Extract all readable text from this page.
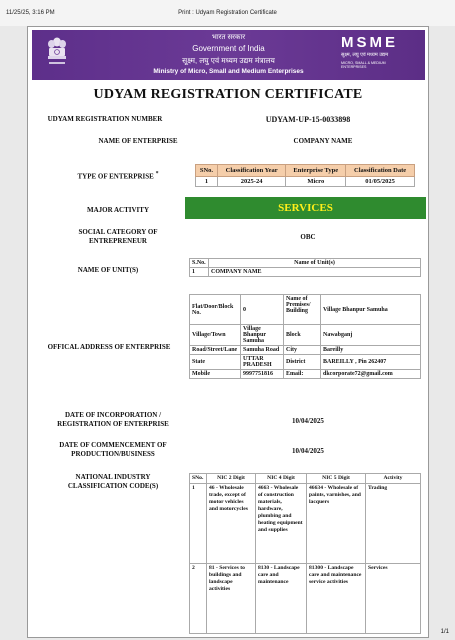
11/25/25, 3:16 PM	Print : Udyam Registration Certificate
भारत सरकार
Government of India
सूक्ष्म, लघु एवं मध्यम उद्यम मंत्रालय
Ministry of Micro, Small and Medium Enterprises
MSME
सूक्ष्म, लघु एवं मध्यम उद्यम
MICRO, SMALL & MEDIUM ENTERPRISES
UDYAM REGISTRATION CERTIFICATE
UDYAM REGISTRATION NUMBER	UDYAM-UP-15-0033898
NAME OF ENTERPRISE	COMPANY NAME
TYPE OF ENTERPRISE *	SNo.	Classification Year	Enterprise Type	Classification Date
1	2025-24	Micro	01/05/2025
MAJOR ACTIVITY	SERVICES
SOCIAL CATEGORY OF
ENTREPRENEUR	OBC
NAME OF UNIT(S)
S.No.	Name of Unit(s)
1	COMPANY NAME
OFFICAL ADDRESS OF ENTERPRISE
Flat/Door/Block No.	0	Name of Premises/ Building	Village Bhanpur Samuha
Village/Town	Village Bhanpur Samuha	Block	Nawabganj
Road/Street/Lane	Samuha Road	City	Bareilly
State	UTTAR PRADESH	District	BAREILLY , Pin 262407
Mobile	9997751816	Email:	dkcorporate72@gmail.com
DATE OF INCORPORATION /
REGISTRATION OF ENTERPRISE	10/04/2025
DATE OF COMMENCEMENT OF
PRODUCTION/BUSINESS	10/04/2025
NATIONAL INDUSTRY
CLASSIFICATION CODE(S)
SNo.	NIC 2 Digit	NIC 4 Digit	NIC 5 Digit	Activity
1	46 - Wholesale trade, except of motor vehicles and motorcycles	4663 - Wholesale of construction materials, hardware, plumbing and heating equipment and supplies	46634 - Wholesale of paints, varnishes, and lacquers	Trading
2	81 - Services to buildings and landscape activities	8130 - Landscape care and maintenance	81300 - Landscape care and maintenance service activities	Services
1/1
